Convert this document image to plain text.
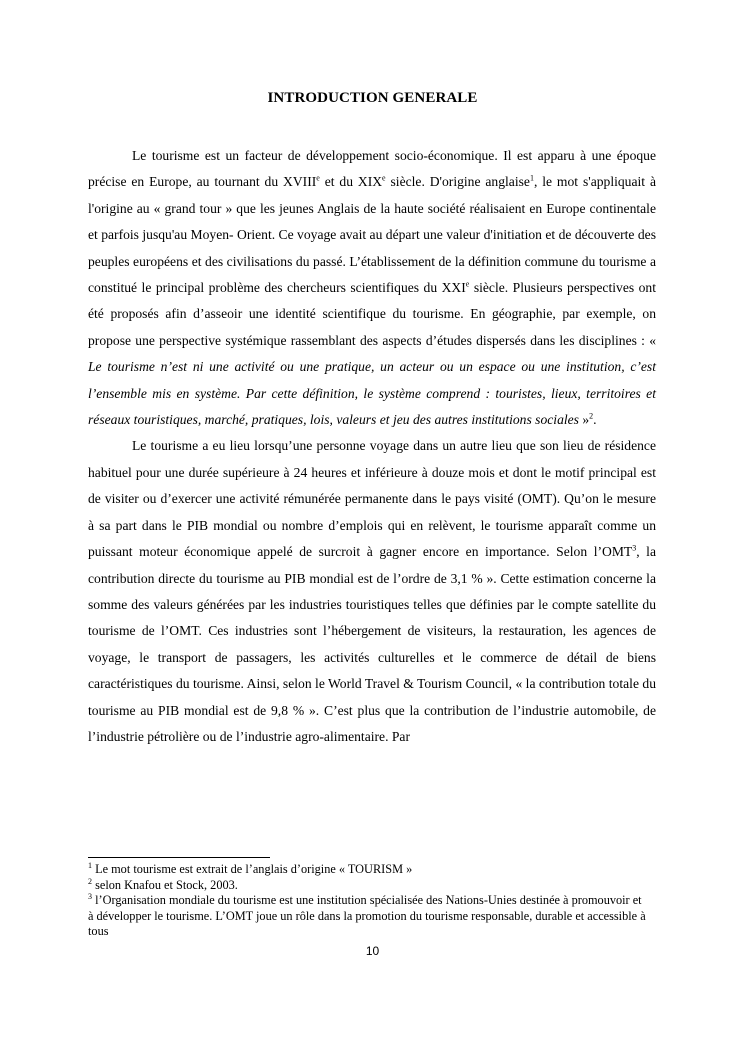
INTRODUCTION GENERALE

Le tourisme est un facteur de développement socio-économique. Il est apparu à une époque précise en Europe, au tournant du XVIIIe et du XIXe siècle. D'origine anglaise$^1$, le mot s'appliquait à l'origine au « grand tour » que les jeunes Anglais de la haute société réalisaient en Europe continentale et parfois jusqu'au Moyen- Orient. Ce voyage avait au départ une valeur d'initiation et de découverte des peuples européens et des civilisations du passé. L’établissement de la définition commune du tourisme a constitué le principal problème des chercheurs scientifiques du XXIe siècle. Plusieurs perspectives ont été proposés afin d’asseoir une identité scientifique du tourisme. En géographie, par exemple, on propose une perspective systémique rassemblant des aspects d’études dispersés dans les disciplines : « Le tourisme n’est ni une activité ou une pratique, un acteur ou un espace ou une institution, c’est l’ensemble mis en système. Par cette définition, le système comprend : touristes, lieux, territoires et réseaux touristiques, marché, pratiques, lois, valeurs et jeu des autres institutions sociales »$^2$.

Le tourisme a eu lieu lorsqu’une personne voyage dans un autre lieu que son lieu de résidence habituel pour une durée supérieure à 24 heures et inférieure à douze mois et dont le motif principal est de visiter ou d’exercer une activité rémunérée permanente dans le pays visité (OMT). Qu’on le mesure à sa part dans le PIB mondial ou nombre d’emplois qui en relèvent, le tourisme apparaît comme un puissant moteur économique appelé de surcroit à gagner encore en importance. Selon l’OMT$^3$, la contribution directe du tourisme au PIB mondial est de l’ordre de 3,1 % ». Cette estimation concerne la somme des valeurs générées par les industries touristiques telles que définies par le compte satellite du tourisme de l’OMT. Ces industries sont l’hébergement de visiteurs, la restauration, les agences de voyage, le transport de passagers, les activités culturelles et le commerce de détail de biens caractéristiques du tourisme. Ainsi, selon le World Travel & Tourism Council, « la contribution totale du tourisme au PIB mondial est de 9,8 % ». C’est plus que la contribution de l’industrie automobile, de l’industrie pétrolière ou de l’industrie agro-alimentaire. Par

$^1$ Le mot tourisme est extrait de l’anglais d’origine « TOURISM »
$^2$ selon Knafou et Stock, 2003.
$^3$ l’Organisation mondiale du tourisme est une institution spécialisée des Nations-Unies destinée à promouvoir et à développer le tourisme. L’OMT joue un rôle dans la promotion du tourisme responsable, durable et accessible à tous
10
